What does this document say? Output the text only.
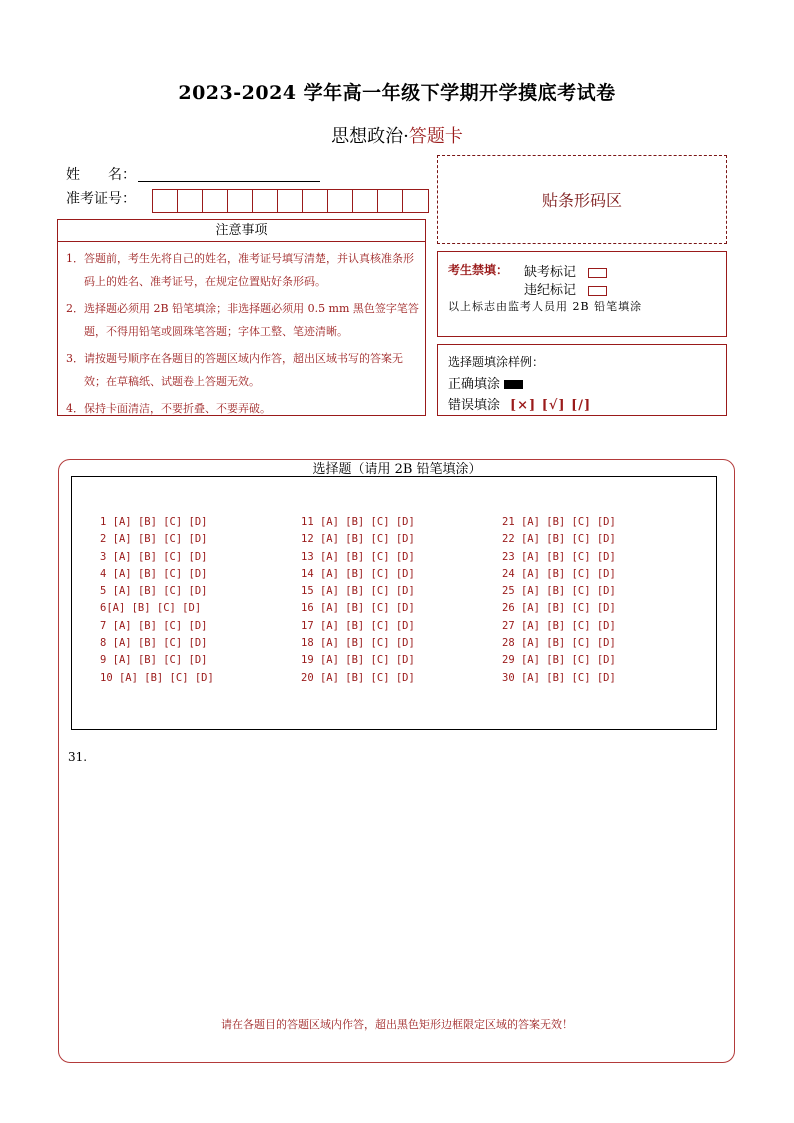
2023-2024 学年高一年级下学期开学摸底考试卷
思想政治·答题卡
姓　　名：
准考证号：	贴条形码区
注意事项

1．答题前，考生先将自己的姓名，准考证号填写清楚，并认真核准条形码上的姓名、准考证号，在规定位置贴好条形码。

2．选择题必须用 2B 铅笔填涂；非选择题必须用 0.5 mm 黑色签字笔答题，不得用铅笔或圆珠笔答题；字体工整、笔迹清晰。

3．请按题号顺序在各题目的答题区域内作答，超出区域书写的答案无效；在草稿纸、试题卷上答题无效。

4．保持卡面清洁，不要折叠、不要弄破。

考生禁填： 缺考标记
违纪标记
以上标志由监考人员用 2B 铅笔填涂
选择题填涂样例：
正确填涂
错误填涂 [×] [√] [/]
选择题（请用 2B 铅笔填涂）
1 [A] [B] [C] [D]
2 [A] [B] [C] [D]
3 [A] [B] [C] [D]
4 [A] [B] [C] [D]
5 [A] [B] [C] [D]
6[A] [B] [C] [D]
7 [A] [B] [C] [D]
8 [A] [B] [C] [D]
9 [A] [B] [C] [D]
10 [A] [B] [C] [D]
11 [A] [B] [C] [D]
12 [A] [B] [C] [D]
13 [A] [B] [C] [D]
14 [A] [B] [C] [D]
15 [A] [B] [C] [D]
16 [A] [B] [C] [D]
17 [A] [B] [C] [D]
18 [A] [B] [C] [D]
19 [A] [B] [C] [D]
20 [A] [B] [C] [D]
21 [A] [B] [C] [D]
22 [A] [B] [C] [D]
23 [A] [B] [C] [D]
24 [A] [B] [C] [D]
25 [A] [B] [C] [D]
26 [A] [B] [C] [D]
27 [A] [B] [C] [D]
28 [A] [B] [C] [D]
29 [A] [B] [C] [D]
30 [A] [B] [C] [D]
31.
请在各题目的答题区域内作答，超出黑色矩形边框限定区域的答案无效！
